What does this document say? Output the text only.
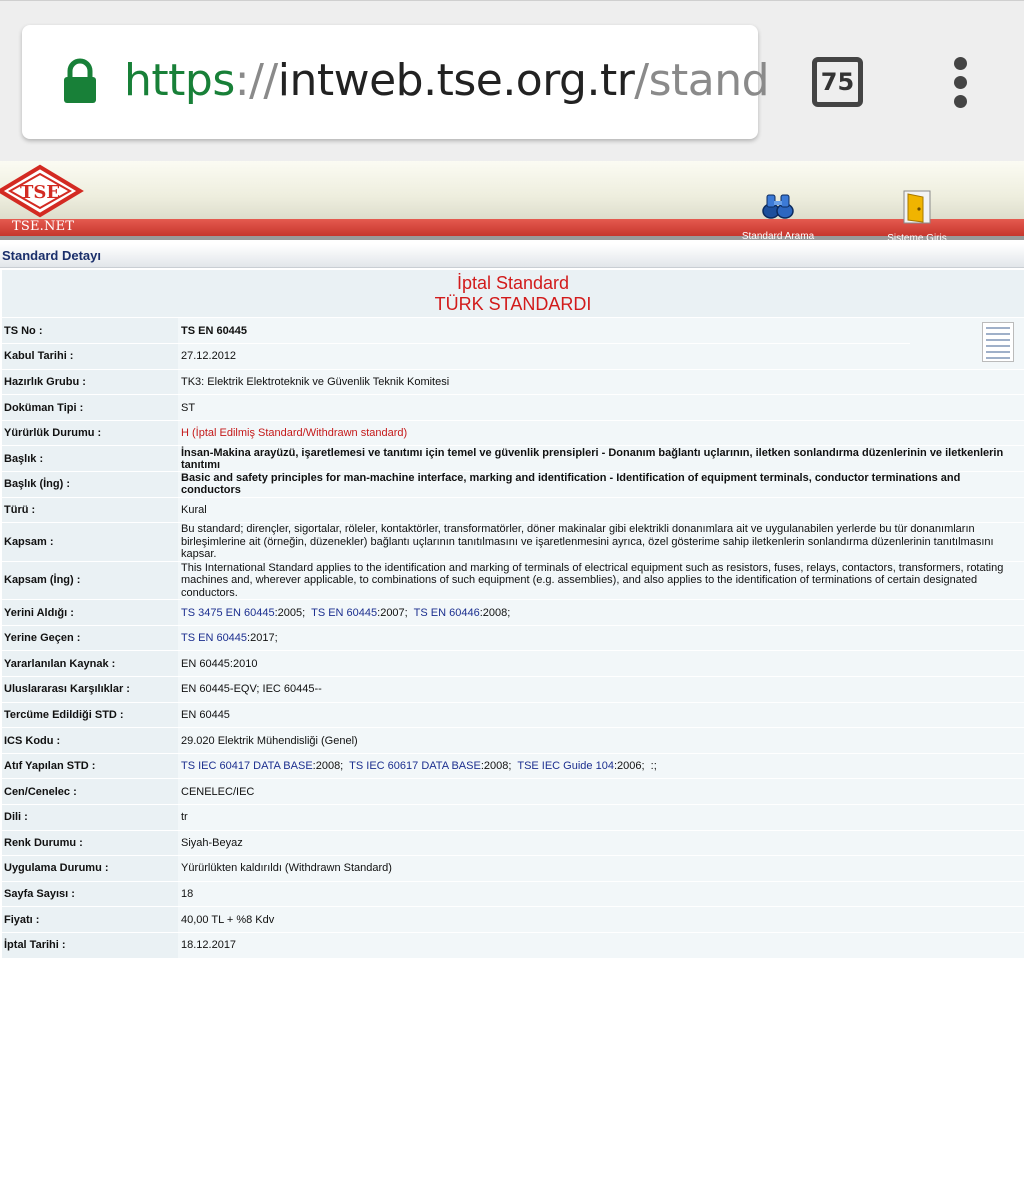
https://intweb.tse.org.tr/stand	75
TSE
TSE.NET
Standard Arama	Sisteme Giriş
Standard Detayı
İptal Standard
TÜRK STANDARDI
TS No :	TS EN 60445	

Kabul Tarihi :	27.12.2012	
Hazırlık Grubu :	TK3: Elektrik Elektroteknik ve Güvenlik Teknik Komitesi	
Doküman Tipi :	ST	
Yürürlük Durumu :	H (İptal Edilmiş Standard/Withdrawn standard)	
Başlık :	İnsan-Makina arayüzü, işaretlemesi ve tanıtımı için temel ve güvenlik prensipleri - Donanım bağlantı uçlarının, iletken sonlandırma düzenlerinin ve iletkenlerin tanıtımı	
Başlık (İng) :	Basic and safety principles for man-machine interface, marking and identification - Identification of equipment terminals, conductor terminations and conductors	
Türü :	Kural	
Kapsam :	Bu standard; dirençler, sigortalar, röleler, kontaktörler, transformatörler, döner makinalar gibi elektrikli donanımlara ait ve uygulanabilen yerlerde bu tür donanımların birleşimlerine ait (örneğin, düzenekler) bağlantı uçlarının tanıtılmasını ve işaretlenmesini ayrıca, özel gösterime sahip iletkenlerin sonlandırma düzenlerinin tanıtılmasını kapsar.	
Kapsam (İng) :	This International Standard applies to the identification and marking of terminals of electrical equipment such as resistors, fuses, relays, contactors, transformers, rotating machines and, wherever applicable, to combinations of such equipment (e.g. assemblies), and also applies to the identification of terminations of certain designated conductors.	
Yerini Aldığı :	TS 3475 EN 60445:2005; TS EN 60445:2007; TS EN 60446:2008;	
Yerine Geçen :	TS EN 60445:2017;	
Yararlanılan Kaynak :	EN 60445:2010	
Uluslararası Karşılıklar :	EN 60445-EQV; IEC 60445--	
Tercüme Edildiği STD :	EN 60445	
ICS Kodu :	29.020 Elektrik Mühendisliği (Genel)	
Atıf Yapılan STD :	TS IEC 60417 DATA BASE:2008; TS IEC 60617 DATA BASE:2008; TSE IEC Guide 104:2006; :;	
Cen/Cenelec :	CENELEC/IEC	
Dili :	tr	
Renk Durumu :	Siyah-Beyaz	
Uygulama Durumu :	Yürürlükten kaldırıldı (Withdrawn Standard)	
Sayfa Sayısı :	18	
Fiyatı :	40,00 TL + %8 Kdv	
İptal Tarihi :	18.12.2017	
